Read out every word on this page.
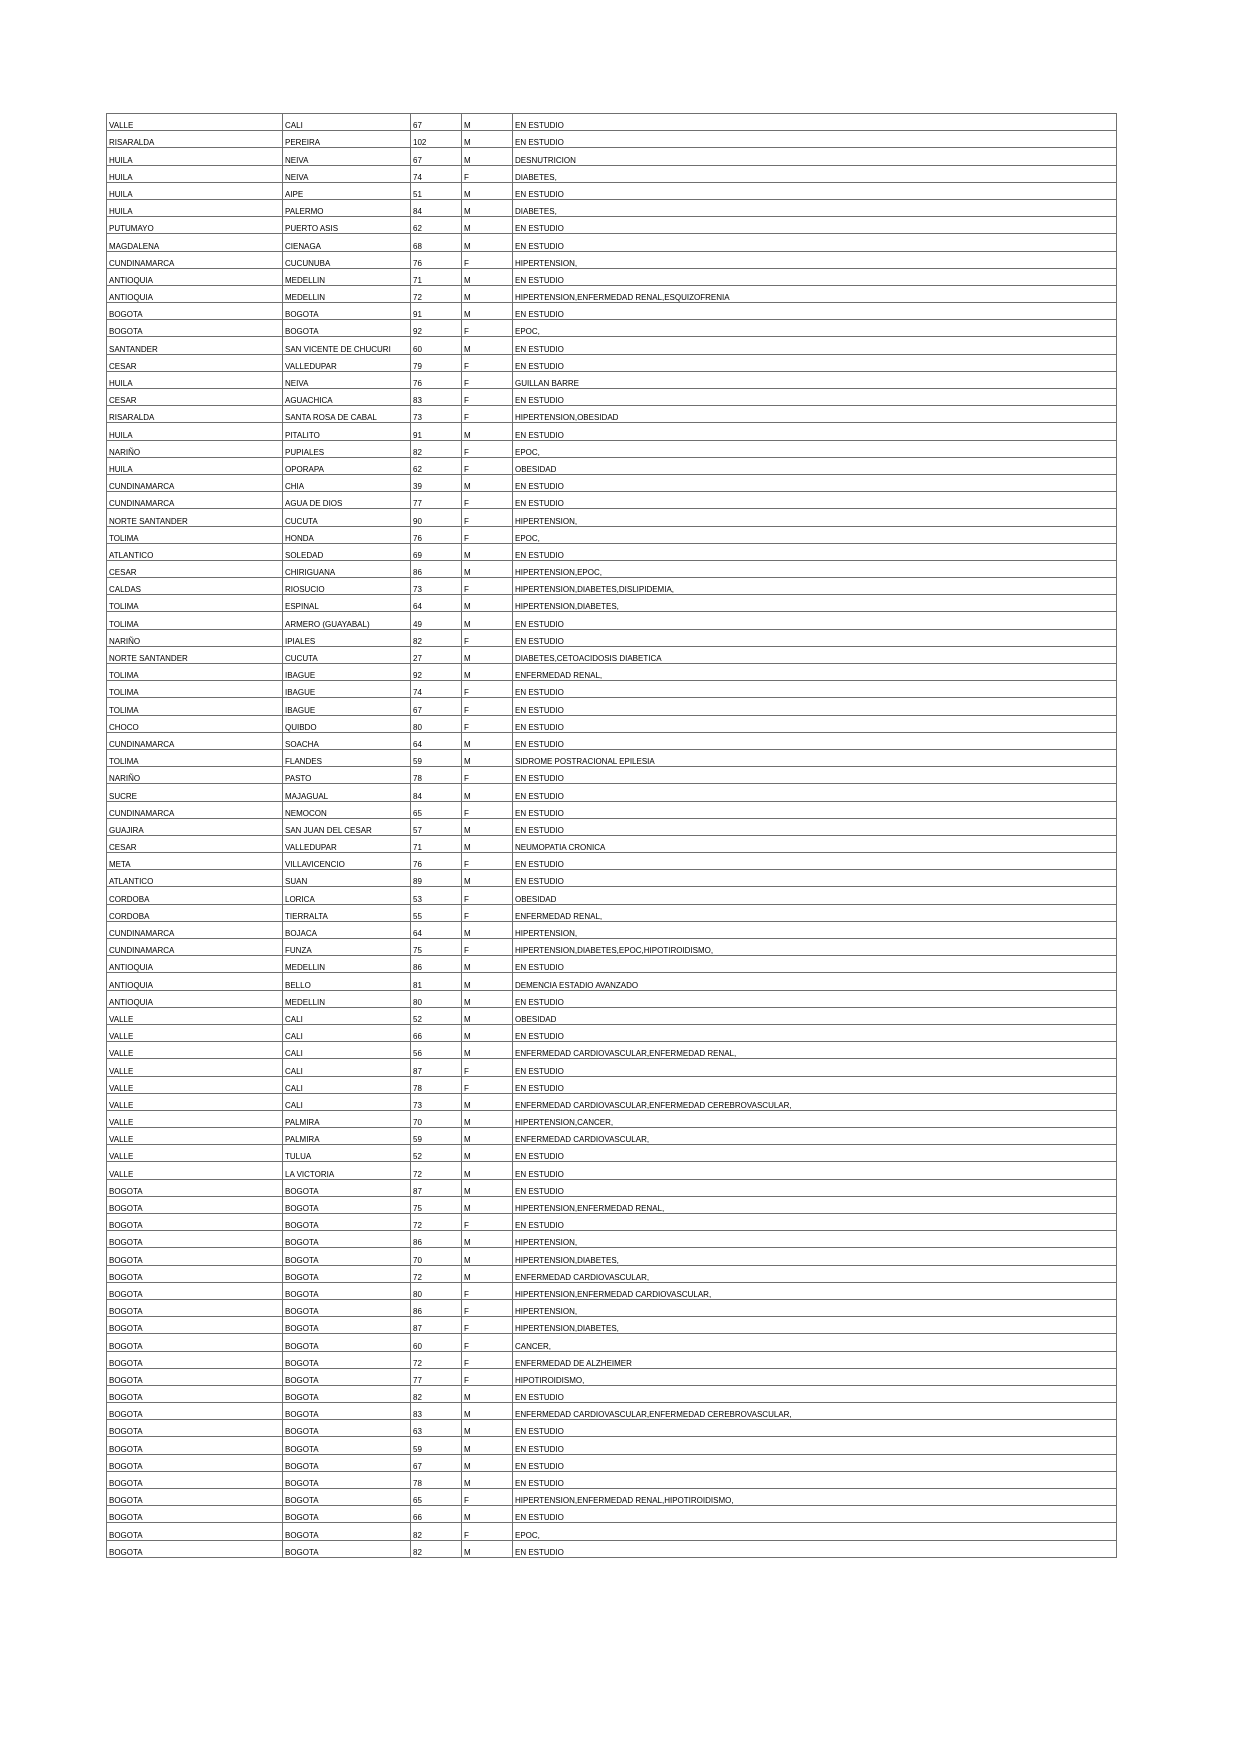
VALLE	CALI	67	M	EN ESTUDIO
RISARALDA	PEREIRA	102	M	EN ESTUDIO
HUILA	NEIVA	67	M	DESNUTRICION
HUILA	NEIVA	74	F	DIABETES,
HUILA	AIPE	51	M	EN ESTUDIO
HUILA	PALERMO	84	M	DIABETES,
PUTUMAYO	PUERTO ASIS	62	M	EN ESTUDIO
MAGDALENA	CIENAGA	68	M	EN ESTUDIO
CUNDINAMARCA	CUCUNUBA	76	F	HIPERTENSION,
ANTIOQUIA	MEDELLIN	71	M	EN ESTUDIO
ANTIOQUIA	MEDELLIN	72	M	HIPERTENSION,ENFERMEDAD RENAL,ESQUIZOFRENIA
BOGOTA	BOGOTA	91	M	EN ESTUDIO
BOGOTA	BOGOTA	92	F	EPOC,
SANTANDER	SAN VICENTE DE CHUCURI	60	M	EN ESTUDIO
CESAR	VALLEDUPAR	79	F	EN ESTUDIO
HUILA	NEIVA	76	F	GUILLAN BARRE
CESAR	AGUACHICA	83	F	EN ESTUDIO
RISARALDA	SANTA ROSA DE CABAL	73	F	HIPERTENSION,OBESIDAD
HUILA	PITALITO	91	M	EN ESTUDIO
NARIÑO	PUPIALES	82	F	EPOC,
HUILA	OPORAPA	62	F	OBESIDAD
CUNDINAMARCA	CHIA	39	M	EN ESTUDIO
CUNDINAMARCA	AGUA DE DIOS	77	F	EN ESTUDIO
NORTE SANTANDER	CUCUTA	90	F	HIPERTENSION,
TOLIMA	HONDA	76	F	EPOC,
ATLANTICO	SOLEDAD	69	M	EN ESTUDIO
CESAR	CHIRIGUANA	86	M	HIPERTENSION,EPOC,
CALDAS	RIOSUCIO	73	F	HIPERTENSION,DIABETES,DISLIPIDEMIA,
TOLIMA	ESPINAL	64	M	HIPERTENSION,DIABETES,
TOLIMA	ARMERO (GUAYABAL)	49	M	EN ESTUDIO
NARIÑO	IPIALES	82	F	EN ESTUDIO
NORTE SANTANDER	CUCUTA	27	M	DIABETES,CETOACIDOSIS DIABETICA
TOLIMA	IBAGUE	92	M	ENFERMEDAD RENAL,
TOLIMA	IBAGUE	74	F	EN ESTUDIO
TOLIMA	IBAGUE	67	F	EN ESTUDIO
CHOCO	QUIBDO	80	F	EN ESTUDIO
CUNDINAMARCA	SOACHA	64	M	EN ESTUDIO
TOLIMA	FLANDES	59	M	SIDROME POSTRACIONAL EPILESIA
NARIÑO	PASTO	78	F	EN ESTUDIO
SUCRE	MAJAGUAL	84	M	EN ESTUDIO
CUNDINAMARCA	NEMOCON	65	F	EN ESTUDIO
GUAJIRA	SAN JUAN DEL CESAR	57	M	EN ESTUDIO
CESAR	VALLEDUPAR	71	M	NEUMOPATIA CRONICA
META	VILLAVICENCIO	76	F	EN ESTUDIO
ATLANTICO	SUAN	89	M	EN ESTUDIO
CORDOBA	LORICA	53	F	OBESIDAD
CORDOBA	TIERRALTA	55	F	ENFERMEDAD RENAL,
CUNDINAMARCA	BOJACA	64	M	HIPERTENSION,
CUNDINAMARCA	FUNZA	75	F	HIPERTENSION,DIABETES,EPOC,HIPOTIROIDISMO,
ANTIOQUIA	MEDELLIN	86	M	EN ESTUDIO
ANTIOQUIA	BELLO	81	M	DEMENCIA ESTADIO AVANZADO
ANTIOQUIA	MEDELLIN	80	M	EN ESTUDIO
VALLE	CALI	52	M	OBESIDAD
VALLE	CALI	66	M	EN ESTUDIO
VALLE	CALI	56	M	ENFERMEDAD CARDIOVASCULAR,ENFERMEDAD RENAL,
VALLE	CALI	87	F	EN ESTUDIO
VALLE	CALI	78	F	EN ESTUDIO
VALLE	CALI	73	M	ENFERMEDAD CARDIOVASCULAR,ENFERMEDAD CEREBROVASCULAR,
VALLE	PALMIRA	70	M	HIPERTENSION,CANCER,
VALLE	PALMIRA	59	M	ENFERMEDAD CARDIOVASCULAR,
VALLE	TULUA	52	M	EN ESTUDIO
VALLE	LA VICTORIA	72	M	EN ESTUDIO
BOGOTA	BOGOTA	87	M	EN ESTUDIO
BOGOTA	BOGOTA	75	M	HIPERTENSION,ENFERMEDAD RENAL,
BOGOTA	BOGOTA	72	F	EN ESTUDIO
BOGOTA	BOGOTA	86	M	HIPERTENSION,
BOGOTA	BOGOTA	70	M	HIPERTENSION,DIABETES,
BOGOTA	BOGOTA	72	M	ENFERMEDAD CARDIOVASCULAR,
BOGOTA	BOGOTA	80	F	HIPERTENSION,ENFERMEDAD CARDIOVASCULAR,
BOGOTA	BOGOTA	86	F	HIPERTENSION,
BOGOTA	BOGOTA	87	F	HIPERTENSION,DIABETES,
BOGOTA	BOGOTA	60	F	CANCER,
BOGOTA	BOGOTA	72	F	ENFERMEDAD DE ALZHEIMER
BOGOTA	BOGOTA	77	F	HIPOTIROIDISMO,
BOGOTA	BOGOTA	82	M	EN ESTUDIO
BOGOTA	BOGOTA	83	M	ENFERMEDAD CARDIOVASCULAR,ENFERMEDAD CEREBROVASCULAR,
BOGOTA	BOGOTA	63	M	EN ESTUDIO
BOGOTA	BOGOTA	59	M	EN ESTUDIO
BOGOTA	BOGOTA	67	M	EN ESTUDIO
BOGOTA	BOGOTA	78	M	EN ESTUDIO
BOGOTA	BOGOTA	65	F	HIPERTENSION,ENFERMEDAD RENAL,HIPOTIROIDISMO,
BOGOTA	BOGOTA	66	M	EN ESTUDIO
BOGOTA	BOGOTA	82	F	EPOC,
BOGOTA	BOGOTA	82	M	EN ESTUDIO
